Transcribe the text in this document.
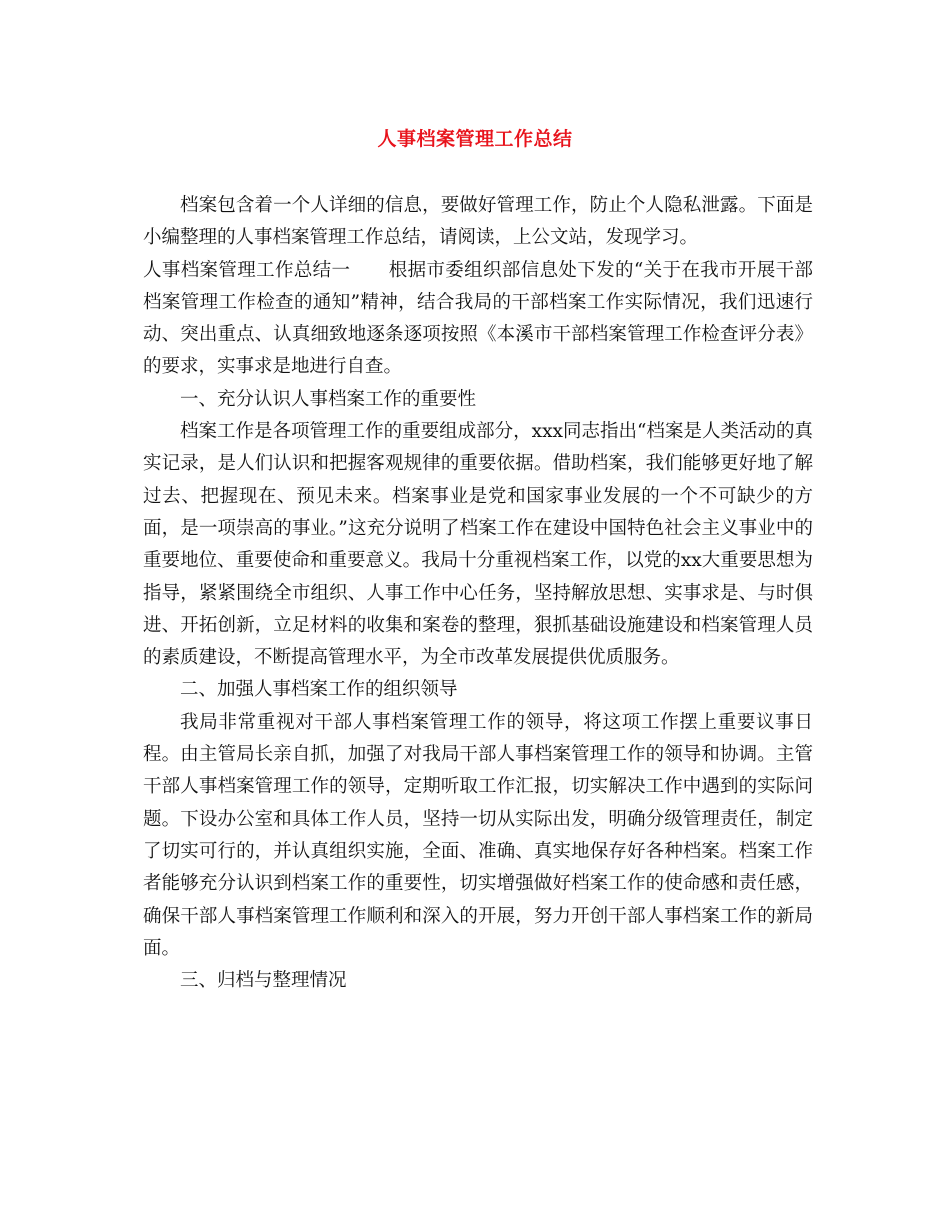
人事档案管理工作总结

档案包含着一个人详细的信息，要做好管理工作，防止个人隐私泄露。下面是小编整理的人事档案管理工作总结，请阅读，上公文站，发现学习。

人事档案管理工作总结一 根据市委组织部信息处下发的“关于在我市开展干部档案管理工作检查的通知”精神，结合我局的干部档案工作实际情况，我们迅速行动、突出重点、认真细致地逐条逐项按照《本溪市干部档案管理工作检查评分表》的要求，实事求是地进行自查。

一、充分认识人事档案工作的重要性

档案工作是各项管理工作的重要组成部分，xxx同志指出“档案是人类活动的真实记录，是人们认识和把握客观规律的重要依据。借助档案，我们能够更好地了解过去、把握现在、预见未来。档案事业是党和国家事业发展的一个不可缺少的方面，是一项崇高的事业。”这充分说明了档案工作在建设中国特色社会主义事业中的重要地位、重要使命和重要意义。我局十分重视档案工作，以党的xx大重要思想为指导，紧紧围绕全市组织、人事工作中心任务，坚持解放思想、实事求是、与时俱进、开拓创新，立足材料的收集和案卷的整理，狠抓基础设施建设和档案管理人员的素质建设，不断提高管理水平，为全市改革发展提供优质服务。

二、加强人事档案工作的组织领导

我局非常重视对干部人事档案管理工作的领导，将这项工作摆上重要议事日程。由主管局长亲自抓，加强了对我局干部人事档案管理工作的领导和协调。主管干部人事档案管理工作的领导，定期听取工作汇报，切实解决工作中遇到的实际问题。下设办公室和具体工作人员，坚持一切从实际出发，明确分级管理责任，制定了切实可行的，并认真组织实施，全面、准确、真实地保存好各种档案。档案工作者能够充分认识到档案工作的重要性，切实增强做好档案工作的使命感和责任感，确保干部人事档案管理工作顺利和深入的开展，努力开创干部人事档案工作的新局面。

三、归档与整理情况
